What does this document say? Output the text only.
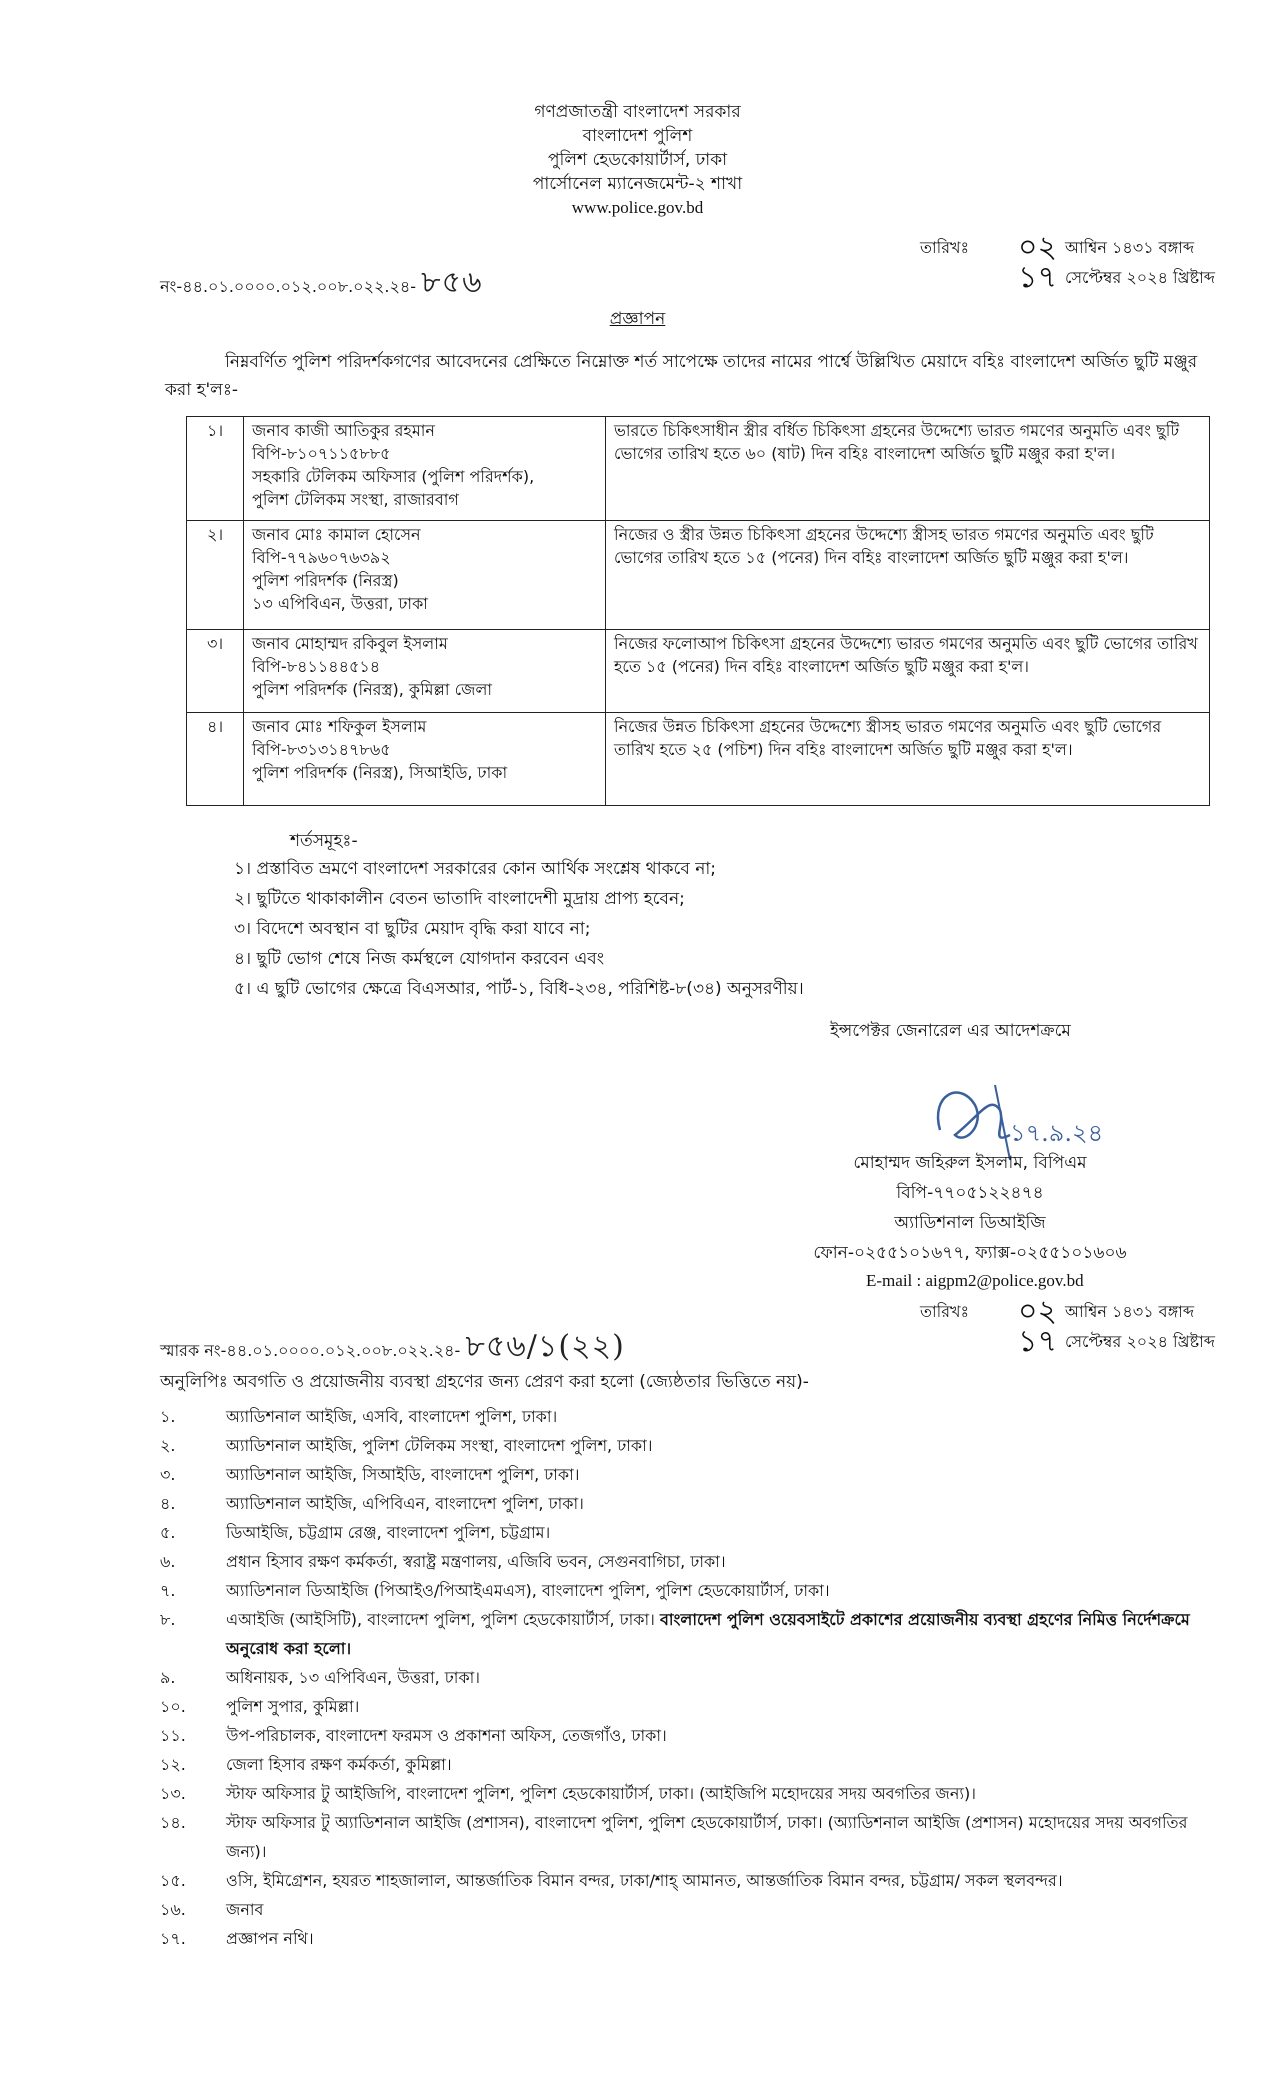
গণপ্রজাতন্ত্রী বাংলাদেশ সরকার
বাংলাদেশ পুলিশ
পুলিশ হেডকোয়ার্টার্স, ঢাকা
পার্সোনেল ম্যানেজমেন্ট-২ শাখা
www.police.gov.bd
নং-৪৪.০১.০০০০.০১২.০০৮.০২২.২৪- ৮৫৬
তারিখঃ	০২ আশ্বিন ১৪৩১ বঙ্গাব্দ
১৭ সেপ্টেম্বর ২০২৪ খ্রিষ্টাব্দ
প্রজ্ঞাপন
নিম্নবর্ণিত পুলিশ পরিদর্শকগণের আবেদনের প্রেক্ষিতে নিম্নোক্ত শর্ত সাপেক্ষে তাদের নামের পার্শ্বে উল্লিখিত মেয়াদে বহিঃ বাংলাদেশ অর্জিত ছুটি মঞ্জুর করা হ'লঃ-
১।	জনাব কাজী আতিকুর রহমান
বিপি-৮১০৭১১৫৮৮৫
সহকারি টেলিকম অফিসার (পুলিশ পরিদর্শক),
পুলিশ টেলিকম সংস্থা, রাজারবাগ	ভারতে চিকিৎসাধীন স্ত্রীর বর্ধিত চিকিৎসা গ্রহনের উদ্দেশ্যে ভারত গমণের অনুমতি এবং ছুটি ভোগের তারিখ হতে ৬০ (ষাট) দিন বহিঃ বাংলাদেশ অর্জিত ছুটি মঞ্জুর করা হ'ল।
২।	জনাব মোঃ কামাল হোসেন
বিপি-৭৭৯৬০৭৬৩৯২
পুলিশ পরিদর্শক (নিরস্ত্র)
১৩ এপিবিএন, উত্তরা, ঢাকা	নিজের ও স্ত্রীর উন্নত চিকিৎসা গ্রহনের উদ্দেশ্যে স্ত্রীসহ ভারত গমণের অনুমতি এবং ছুটি ভোগের তারিখ হতে ১৫ (পনের) দিন বহিঃ বাংলাদেশ অর্জিত ছুটি মঞ্জুর করা হ'ল।
৩।	জনাব মোহাম্মদ রকিবুল ইসলাম
বিপি-৮৪১১৪৪৫১৪
পুলিশ পরিদর্শক (নিরস্ত্র), কুমিল্লা জেলা	নিজের ফলোআপ চিকিৎসা গ্রহনের উদ্দেশ্যে ভারত গমণের অনুমতি এবং ছুটি ভোগের তারিখ হতে ১৫ (পনের) দিন বহিঃ বাংলাদেশ অর্জিত ছুটি মঞ্জুর করা হ'ল।
৪।	জনাব মোঃ শফিকুল ইসলাম
বিপি-৮৩১৩১৪৭৮৬৫
পুলিশ পরিদর্শক (নিরস্ত্র), সিআইডি, ঢাকা	নিজের উন্নত চিকিৎসা গ্রহনের উদ্দেশ্যে স্ত্রীসহ ভারত গমণের অনুমতি এবং ছুটি ভোগের তারিখ হতে ২৫ (পচিশ) দিন বহিঃ বাংলাদেশ অর্জিত ছুটি মঞ্জুর করা হ'ল।
শর্তসমূহঃ-
১। প্রস্তাবিত ভ্রমণে বাংলাদেশ সরকারের কোন আর্থিক সংশ্লেষ থাকবে না;
২। ছুটিতে থাকাকালীন বেতন ভাতাদি বাংলাদেশী মুদ্রায় প্রাপ্য হবেন;
৩। বিদেশে অবস্থান বা ছুটির মেয়াদ বৃদ্ধি করা যাবে না;
৪। ছুটি ভোগ শেষে নিজ কর্মস্থলে যোগদান করবেন এবং
৫। এ ছুটি ভোগের ক্ষেত্রে বিএসআর, পার্ট-১, বিধি-২৩৪, পরিশিষ্ট-৮(৩৪) অনুসরণীয়।
ইন্সপেক্টর জেনারেল এর আদেশক্রমে
১৭.৯.২৪
মোহাম্মদ জহিরুল ইসলাম, বিপিএম
বিপি-৭৭০৫১২২৪৭৪
অ্যাডিশনাল ডিআইজি
ফোন-০২৫৫১০১৬৭৭, ফ্যাক্স-০২৫৫১০১৬০৬
E-mail : aigpm2@police.gov.bd
স্মারক নং-৪৪.০১.০০০০.০১২.০০৮.০২২.২৪- ৮৫৬/১(২২)
তারিখঃ	০২ আশ্বিন ১৪৩১ বঙ্গাব্দ
১৭ সেপ্টেম্বর ২০২৪ খ্রিষ্টাব্দ
অনুলিপিঃ অবগতি ও প্রয়োজনীয় ব্যবস্থা গ্রহণের জন্য প্রেরণ করা হলো (জ্যেষ্ঠতার ভিত্তিতে নয়)-
১.	অ্যাডিশনাল আইজি, এসবি, বাংলাদেশ পুলিশ, ঢাকা।
২.	অ্যাডিশনাল আইজি, পুলিশ টেলিকম সংস্থা, বাংলাদেশ পুলিশ, ঢাকা।
৩.	অ্যাডিশনাল আইজি, সিআইডি, বাংলাদেশ পুলিশ, ঢাকা।
৪.	অ্যাডিশনাল আইজি, এপিবিএন, বাংলাদেশ পুলিশ, ঢাকা।
৫.	ডিআইজি, চট্টগ্রাম রেঞ্জ, বাংলাদেশ পুলিশ, চট্টগ্রাম।
৬.	প্রধান হিসাব রক্ষণ কর্মকর্তা, স্বরাষ্ট্র মন্ত্রণালয়, এজিবি ভবন, সেগুনবাগিচা, ঢাকা।
৭.	অ্যাডিশনাল ডিআইজি (পিআইও/পিআইএমএস), বাংলাদেশ পুলিশ, পুলিশ হেডকোয়ার্টার্স, ঢাকা।
৮.	এআইজি (আইসিটি), বাংলাদেশ পুলিশ, পুলিশ হেডকোয়ার্টার্স, ঢাকা। বাংলাদেশ পুলিশ ওয়েবসাইটে প্রকাশের প্রয়োজনীয় ব্যবস্থা গ্রহণের নিমিত্ত নির্দেশক্রমে অনুরোধ করা হলো।
৯.	অধিনায়ক, ১৩ এপিবিএন, উত্তরা, ঢাকা।
১০.	পুলিশ সুপার, কুমিল্লা।
১১.	উপ-পরিচালক, বাংলাদেশ ফরমস ও প্রকাশনা অফিস, তেজগাঁও, ঢাকা।
১২.	জেলা হিসাব রক্ষণ কর্মকর্তা, কুমিল্লা।
১৩.	স্টাফ অফিসার টু আইজিপি, বাংলাদেশ পুলিশ, পুলিশ হেডকোয়ার্টার্স, ঢাকা। (আইজিপি মহোদয়ের সদয় অবগতির জন্য)।
১৪.	স্টাফ অফিসার টু অ্যাডিশনাল আইজি (প্রশাসন), বাংলাদেশ পুলিশ, পুলিশ হেডকোয়ার্টার্স, ঢাকা। (অ্যাডিশনাল আইজি (প্রশাসন) মহোদয়ের সদয় অবগতির জন্য)।
১৫.	ওসি, ইমিগ্রেশন, হযরত শাহজালাল, আন্তর্জাতিক বিমান বন্দর, ঢাকা/শাহ্ আমানত, আন্তর্জাতিক বিমান বন্দর, চট্টগ্রাম/ সকল স্থলবন্দর।
১৬.	জনাব
১৭.	প্রজ্ঞাপন নথি।
